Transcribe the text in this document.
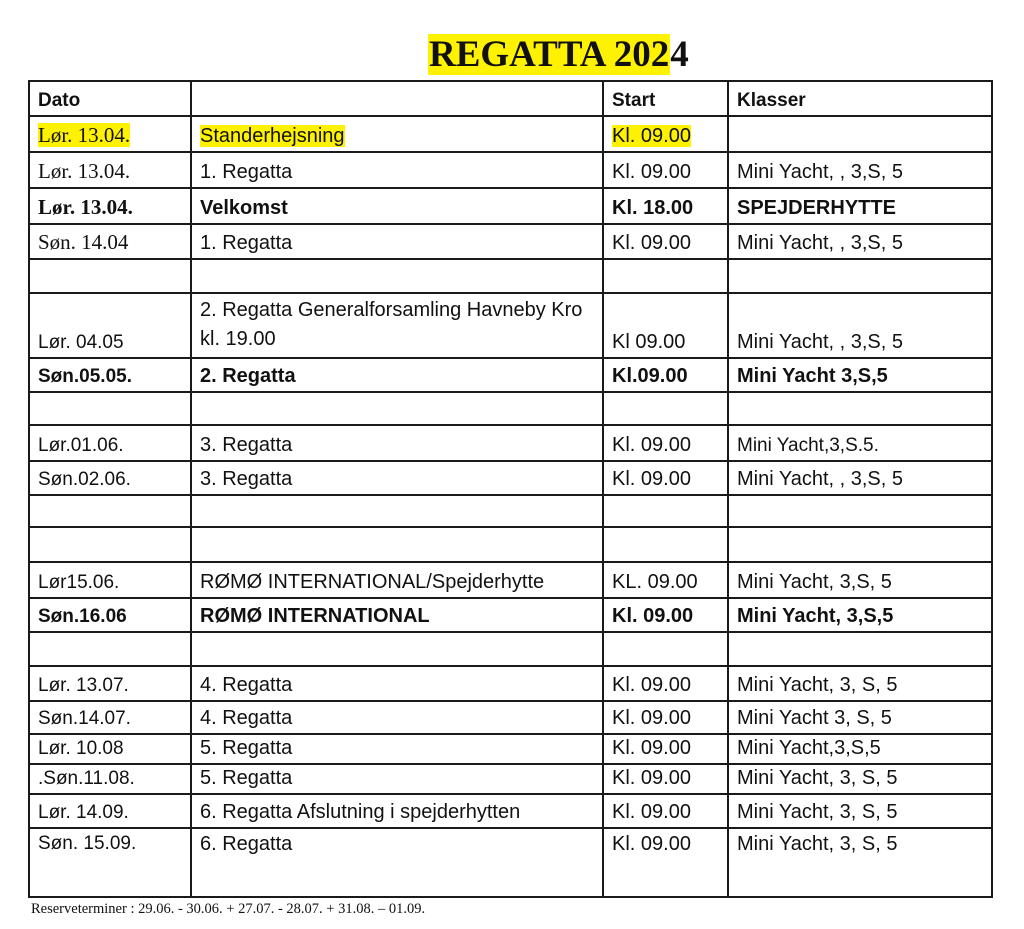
REGATTA 2024
Dato		Start	Klasser
Lør. 13.04.	Standerhejsning	Kl. 09.00	
Lør. 13.04.	1. Regatta	Kl. 09.00	Mini Yacht, , 3,S, 5
Lør. 13.04.	Velkomst	Kl. 18.00	SPEJDERHYTTE
Søn. 14.04	1. Regatta	Kl. 09.00	Mini Yacht, , 3,S, 5

Lør. 04.05	2. Regatta Generalforsamling Havneby Kro kl. 19.00	Kl 09.00	Mini Yacht, , 3,S, 5
Søn.05.05.	2. Regatta	Kl.09.00	Mini Yacht 3,S,5

Lør.01.06.	3. Regatta	Kl. 09.00	Mini Yacht,3,S.5.
Søn.02.06.	3. Regatta	Kl. 09.00	Mini Yacht, , 3,S, 5

Lør15.06.	RØMØ INTERNATIONAL/Spejderhytte	KL. 09.00	Mini Yacht, 3,S, 5
Søn.16.06	RØMØ INTERNATIONAL	Kl. 09.00	Mini Yacht, 3,S,5

Lør. 13.07.	4. Regatta	Kl. 09.00	Mini Yacht, 3, S, 5
Søn.14.07.	4. Regatta	Kl. 09.00	Mini Yacht 3, S, 5
Lør. 10.08	5. Regatta	Kl. 09.00	Mini Yacht,3,S,5
.Søn.11.08.	5. Regatta	Kl. 09.00	Mini Yacht, 3, S, 5
Lør. 14.09.	6. Regatta Afslutning i spejderhytten	Kl. 09.00	Mini Yacht, 3, S, 5
Søn. 15.09.	6. Regatta	Kl. 09.00	Mini Yacht, 3, S, 5
Reserveterminer : 29.06. - 30.06. + 27.07. - 28.07. + 31.08. – 01.09.
